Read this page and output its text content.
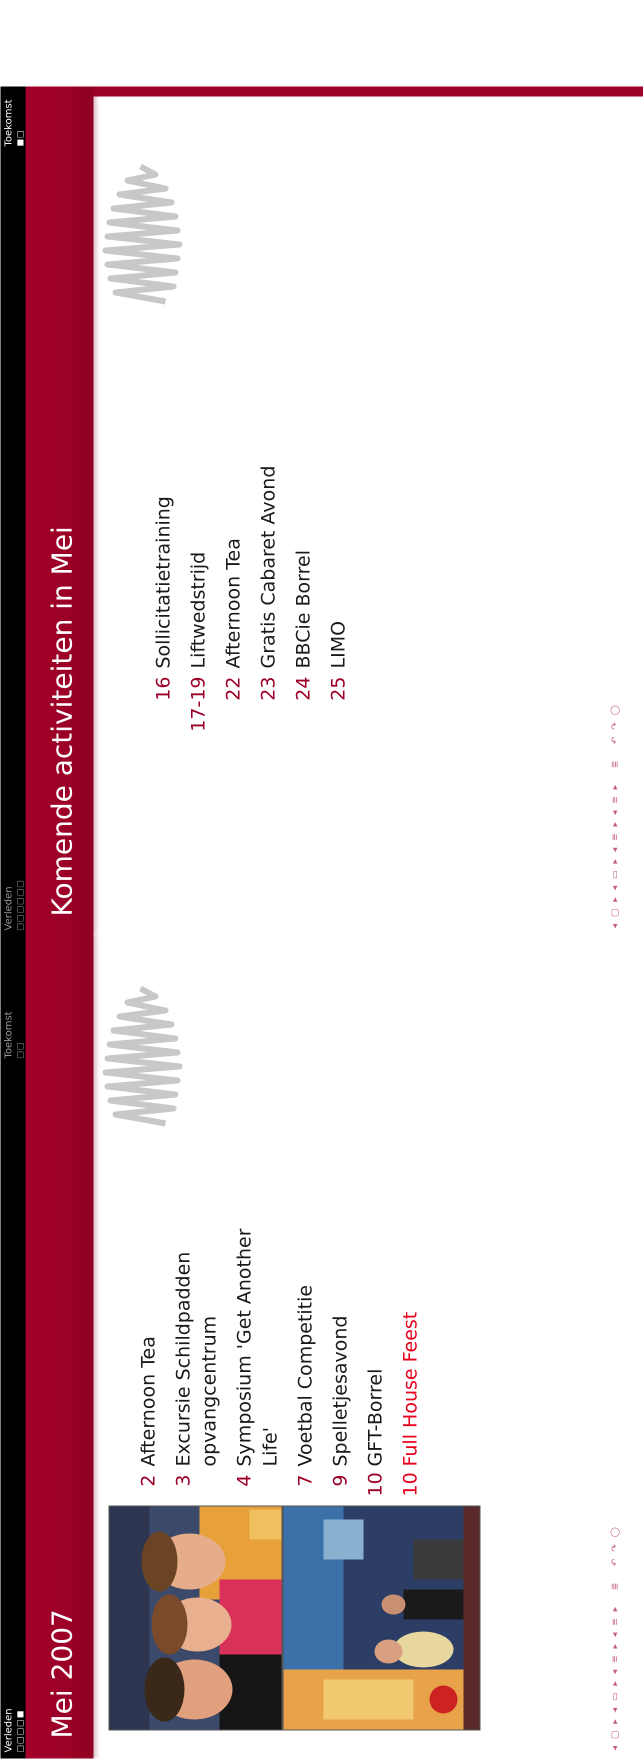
Verleden □□□□■
Toekomst □□
Mei 2007
2
Afternoon Tea
3
Excursie Schildpadden opvangcentrum
4
Symposium 'Get Another Life'
7
Voetbal Competitie
9
Spelletjesavond
10
GFT-Borrel
10
Full House Feest
◂ ▢ ▸ ◂ ▭ ▸ ◂ ≡ ▸ ◂ ≡ ▸   ≣   ↶ ↷ ◯
Verleden □□□□□□
Toekomst ■□
Komende activiteiten in Mei	16
Sollicitatietraining
17-19
Liftwedstrijd
22
Afternoon Tea
23
Gratis Cabaret Avond
24
BBCie Borrel
25
LIMO
◂ ▢ ▸ ◂ ▭ ▸ ◂ ≡ ▸ ◂ ≡ ▸   ≣   ↶ ↷ ◯
